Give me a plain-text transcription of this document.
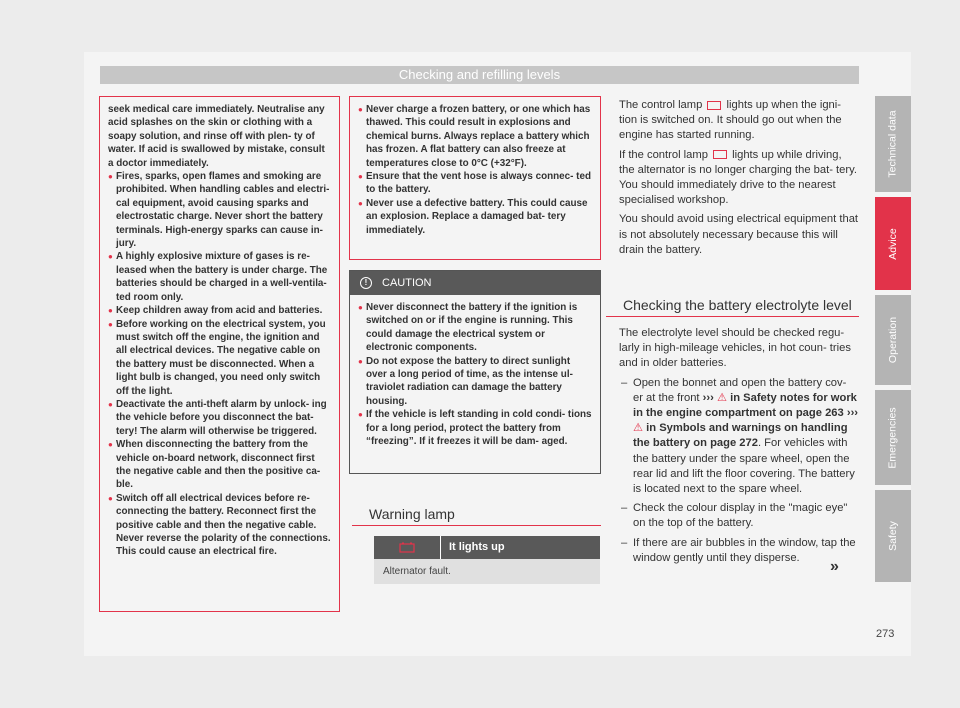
Checking and refilling levels

seek medical care immediately. Neutralise any acid splashes on the skin or clothing with a soapy solution, and rinse off with plen- ty of water. If acid is swallowed by mistake, consult a doctor immediately.

● Fires, sparks, open flames and smoking are prohibited. When handling cables and electri- cal equipment, avoid causing sparks and electrostatic charge. Never short the battery terminals. High-energy sparks can cause in- jury.

● A highly explosive mixture of gases is re- leased when the battery is under charge. The batteries should be charged in a well-ventila- ted room only.

● Keep children away from acid and batteries.

● Before working on the electrical system, you must switch off the engine, the ignition and all electrical devices. The negative cable on the battery must be disconnected. When a light bulb is changed, you need only switch off the light.

● Deactivate the anti-theft alarm by unlock- ing the vehicle before you disconnect the bat- tery! The alarm will otherwise be triggered.

● When disconnecting the battery from the vehicle on-board network, disconnect first the negative cable and then the positive ca- ble.

● Switch off all electrical devices before re- connecting the battery. Reconnect first the positive cable and then the negative cable. Never reverse the polarity of the connections. This could cause an electrical fire.

● Never charge a frozen battery, or one which has thawed. This could result in explosions and chemical burns. Always replace a battery which has frozen. A flat battery can also freeze at temperatures close to 0°C (+32°F).

● Ensure that the vent hose is always connec- ted to the battery.

● Never use a defective battery. This could cause an explosion. Replace a damaged bat- tery immediately.

!	CAUTION

● Never disconnect the battery if the ignition is switched on or if the engine is running. This could damage the electrical system or electronic components.

● Do not expose the battery to direct sunlight over a long period of time, as the intense ul- traviolet radiation can damage the battery housing.

● If the vehicle is left standing in cold condi- tions for a long period, protect the battery from “freezing”. If it freezes it will be dam- aged.

Warning lamp
It lights up
Alternator fault.

The control lamp lights up when the igni- tion is switched on. It should go out when the engine has started running.

If the control lamp lights up while driving, the alternator is no longer charging the bat- tery. You should immediately drive to the nearest specialised workshop.

You should avoid using electrical equipment that is not absolutely necessary because this will drain the battery.

Checking the battery electrolyte level

The electrolyte level should be checked regu- larly in high-mileage vehicles, in hot coun- tries and in older batteries.

– Open the bonnet and open the battery cov- er at the front ››› ⚠ in Safety notes for work in the engine compartment on page 263 ››› ⚠ in Symbols and warnings on handling the battery on page 272. For vehicles with the battery under the spare wheel, open the rear lid and lift the floor covering. The battery is located next to the spare wheel.

– Check the colour display in the "magic eye" on the top of the battery.

– If there are air bubbles in the window, tap the window gently until they disperse.

»
Technical data
Advice
Operation
Emergencies
Safety
273
